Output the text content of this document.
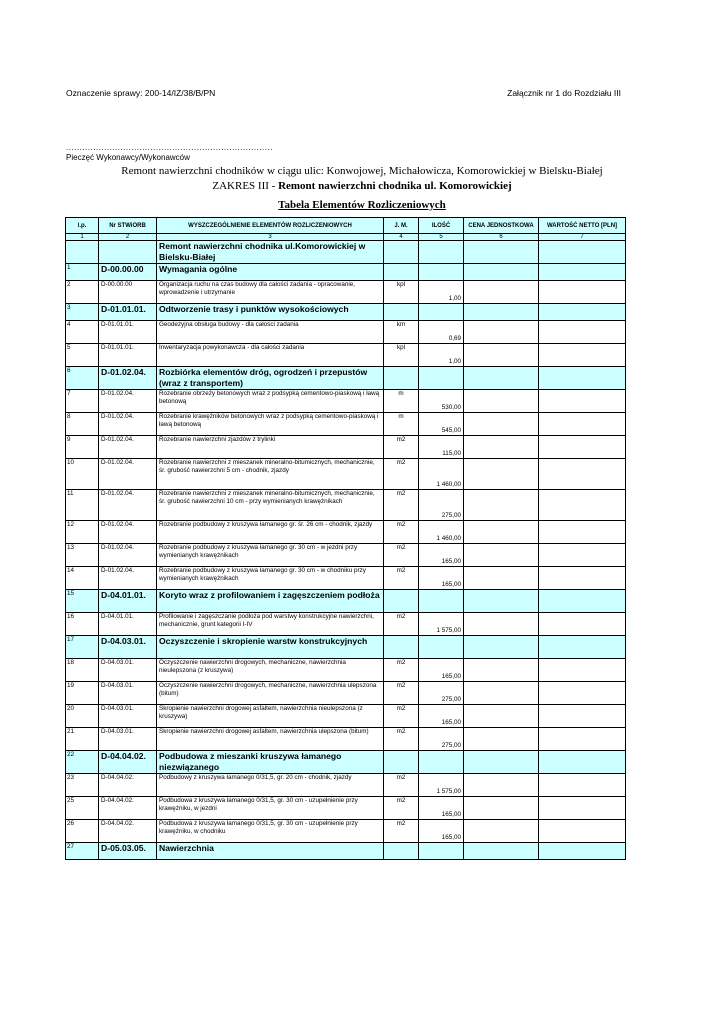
Oznaczenie sprawy: 200-14/IZ/38/B/PN	Załącznik nr 1 do Rozdziału III
............................................................................
Pieczęć Wykonawcy/Wykonawców
Remont nawierzchni chodników w ciągu ulic: Konwojowej, Michałowicza, Komorowickiej w Bielsku-Białej
ZAKRES III - Remont nawierzchni chodnika ul. Komorowickiej
Tabela Elementów Rozliczeniowych
l.p.	Nr STWiORB	WYSZCZEGÓLNIENIE ELEMENTÓW ROZLICZENIOWYCH	J. M.	ILOŚĆ	CENA JEDNOSTKOWA	WARTOŚĆ NETTO [PLN]
1	2	3	4	5	6	7
		Remont nawierzchni chodnika ul.Komorowickiej w Bielsku-Białej				
1	D-00.00.00	Wymagania ogólne				
2	D-00.00.00	Organizacja ruchu na czas budowy dla całości zadania - opracowanie, wprowadzenie i utrzymanie	kpl	1,00		
3	D-01.01.01.	Odtworzenie trasy i punktów wysokościowych				
4	D-01.01.01.	Geodezyjna obsługa budowy - dla całości zadania	km	0,69		
5	D-01.01.01.	Inwentaryzacja powykonawcza - dla całości zadania	kpl	1,00		
6	D-01.02.04.	Rozbiórka elementów dróg, ogrodzeń i przepustów (wraz z transportem)				
7	D-01.02.04.	Rozebranie obrzeży betonowych wraz z podsypką cementowo-piaskową i ławą betonową	m	530,00		
8	D-01.02.04.	Rozebranie krawężników betonowych wraz z podsypką cementowo-piaskową i ławą betonową	m	545,00		
9	D-01.02.04.	Rozebranie nawierzchni zjazdów z trylinki	m2	115,00		
10	D-01.02.04.	Rozebranie nawierzchni z mieszanek mineralno-bitumicznych, mechanicznie, śr. grubość nawierzchni 5 cm - chodnik, zjazdy	m2	1 460,00		
11	D-01.02.04.	Rozebranie nawierzchni z mieszanek mineralno-bitumicznych, mechanicznie, śr. grubość nawierzchni 10 cm - przy wymienianych krawężnikach	m2	275,00		
12	D-01.02.04.	Rozebranie podbudowy z kruszywa łamanego gr. śr. 26 cm - chodnik, zjazdy	m2	1 460,00		
13	D-01.02.04.	Rozebranie podbudowy z kruszywa łamanego gr. 30 cm - w jezdni przy wymienianych krawężnikach	m2	165,00		
14	D-01.02.04.	Rozebranie podbudowy z kruszywa łamanego gr. 30 cm - w chodniku przy wymienianych krawężnikach	m2	165,00		
15	D-04.01.01.	Koryto wraz z profilowaniem i zagęszczeniem podłoża				
16	D-04.01.01.	Profilowanie i zagęszczanie podłoża pod warstwy konstrukcyjne nawierzchni, mechanicznie, grunt kategorii I-IV	m2	1 575,00		
17	D-04.03.01.	Oczyszczenie i skropienie warstw konstrukcyjnych				
18	D-04.03.01.	Oczyszczenie nawierzchni drogowych, mechaniczne, nawierzchnia nieulepszona (z kruszywa)	m2	165,00		
19	D-04.03.01.	Oczyszczenie nawierzchni drogowych, mechaniczne, nawierzchnia ulepszona (bitum)	m2	275,00		
20	D-04.03.01.	Skropienie nawierzchni drogowej asfaltem, nawierzchnia nieulepszona (z kruszywa)	m2	165,00		
21	D-04.03.01.	Skropienie nawierzchni drogowej asfaltem, nawierzchnia ulepszona (bitum)	m2	275,00		
22	D-04.04.02.	Podbudowa z mieszanki kruszywa łamanego niezwiązanego				
23	D-04.04.02.	Podbudowy z kruszywa łamanego 0/31,5, gr. 20 cm - chodnik, zjazdy	m2	1 575,00		
25	D-04.04.02.	Podbudowa z kruszywa łamanego 0/31,5, gr. 30 cm - uzupełnienie przy krawężniku, w jezdni	m2	165,00		
26	D-04.04.02.	Podbudowa z kruszywa łamanego 0/31,5, gr. 30 cm - uzupełnienie przy krawężniku, w chodniku	m2	165,00		
27	D-05.03.05.	Nawierzchnia				
